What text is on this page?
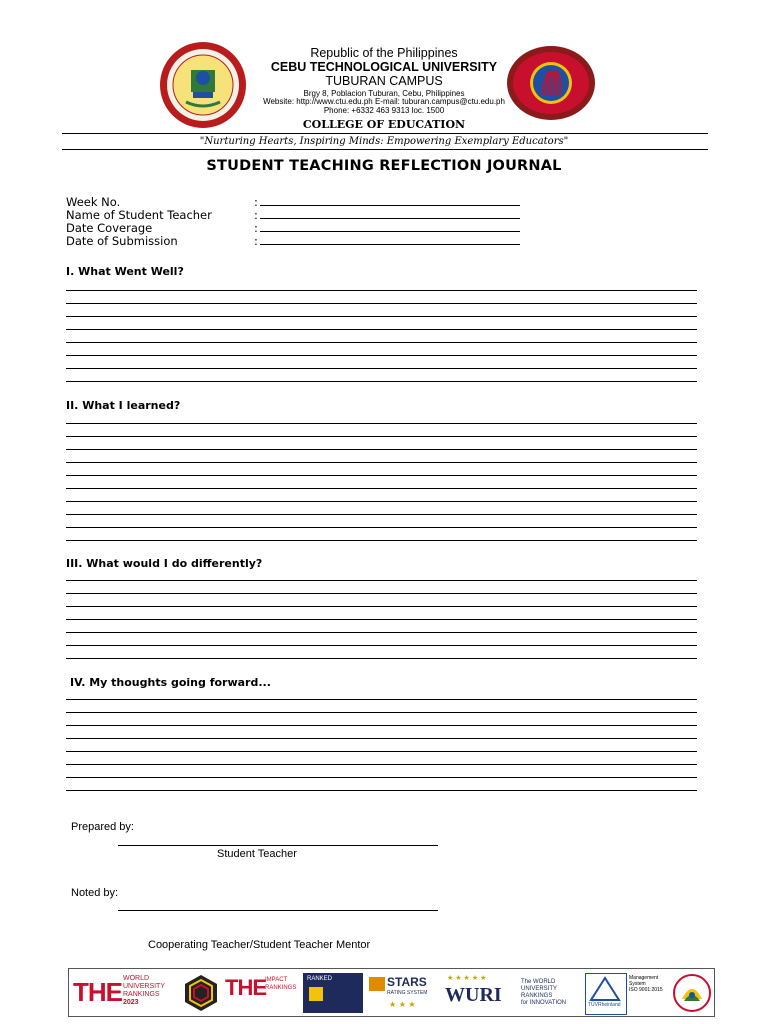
Republic of the Philippines
CEBU TECHNOLOGICAL UNIVERSITY
TUBURAN CAMPUS
Brgy 8, Poblacion Tuburan, Cebu, Philippines
Website: http://www.ctu.edu.ph E-mail: tuburan.campus@ctu.edu.ph
Phone: +6332 463 9313 loc. 1500
COLLEGE OF EDUCATION
"Nurturing Hearts, Inspiring Minds: Empowering Exemplary Educators"
STUDENT TEACHING REFLECTION JOURNAL
Week No.	:
Name of Student Teacher	:
Date Coverage	:
Date of Submission	:
I. What Went Well?
II. What I learned?
III. What would I do differently?
IV. My thoughts going forward...
Prepared by:
Student Teacher
Noted by:
Cooperating Teacher/Student Teacher Mentor
THE WORLD
UNIVERSITY
RANKINGS
2023
THE IMPACT
RANKINGS
RANKED	STARS
RATING SYSTEM
★ ★ ★
★★★★★
WURI
The WORLD
UNIVERSITY
RANKINGS
for INNOVATION	TÜVRheinland
Management
System
ISO 9001:2015
